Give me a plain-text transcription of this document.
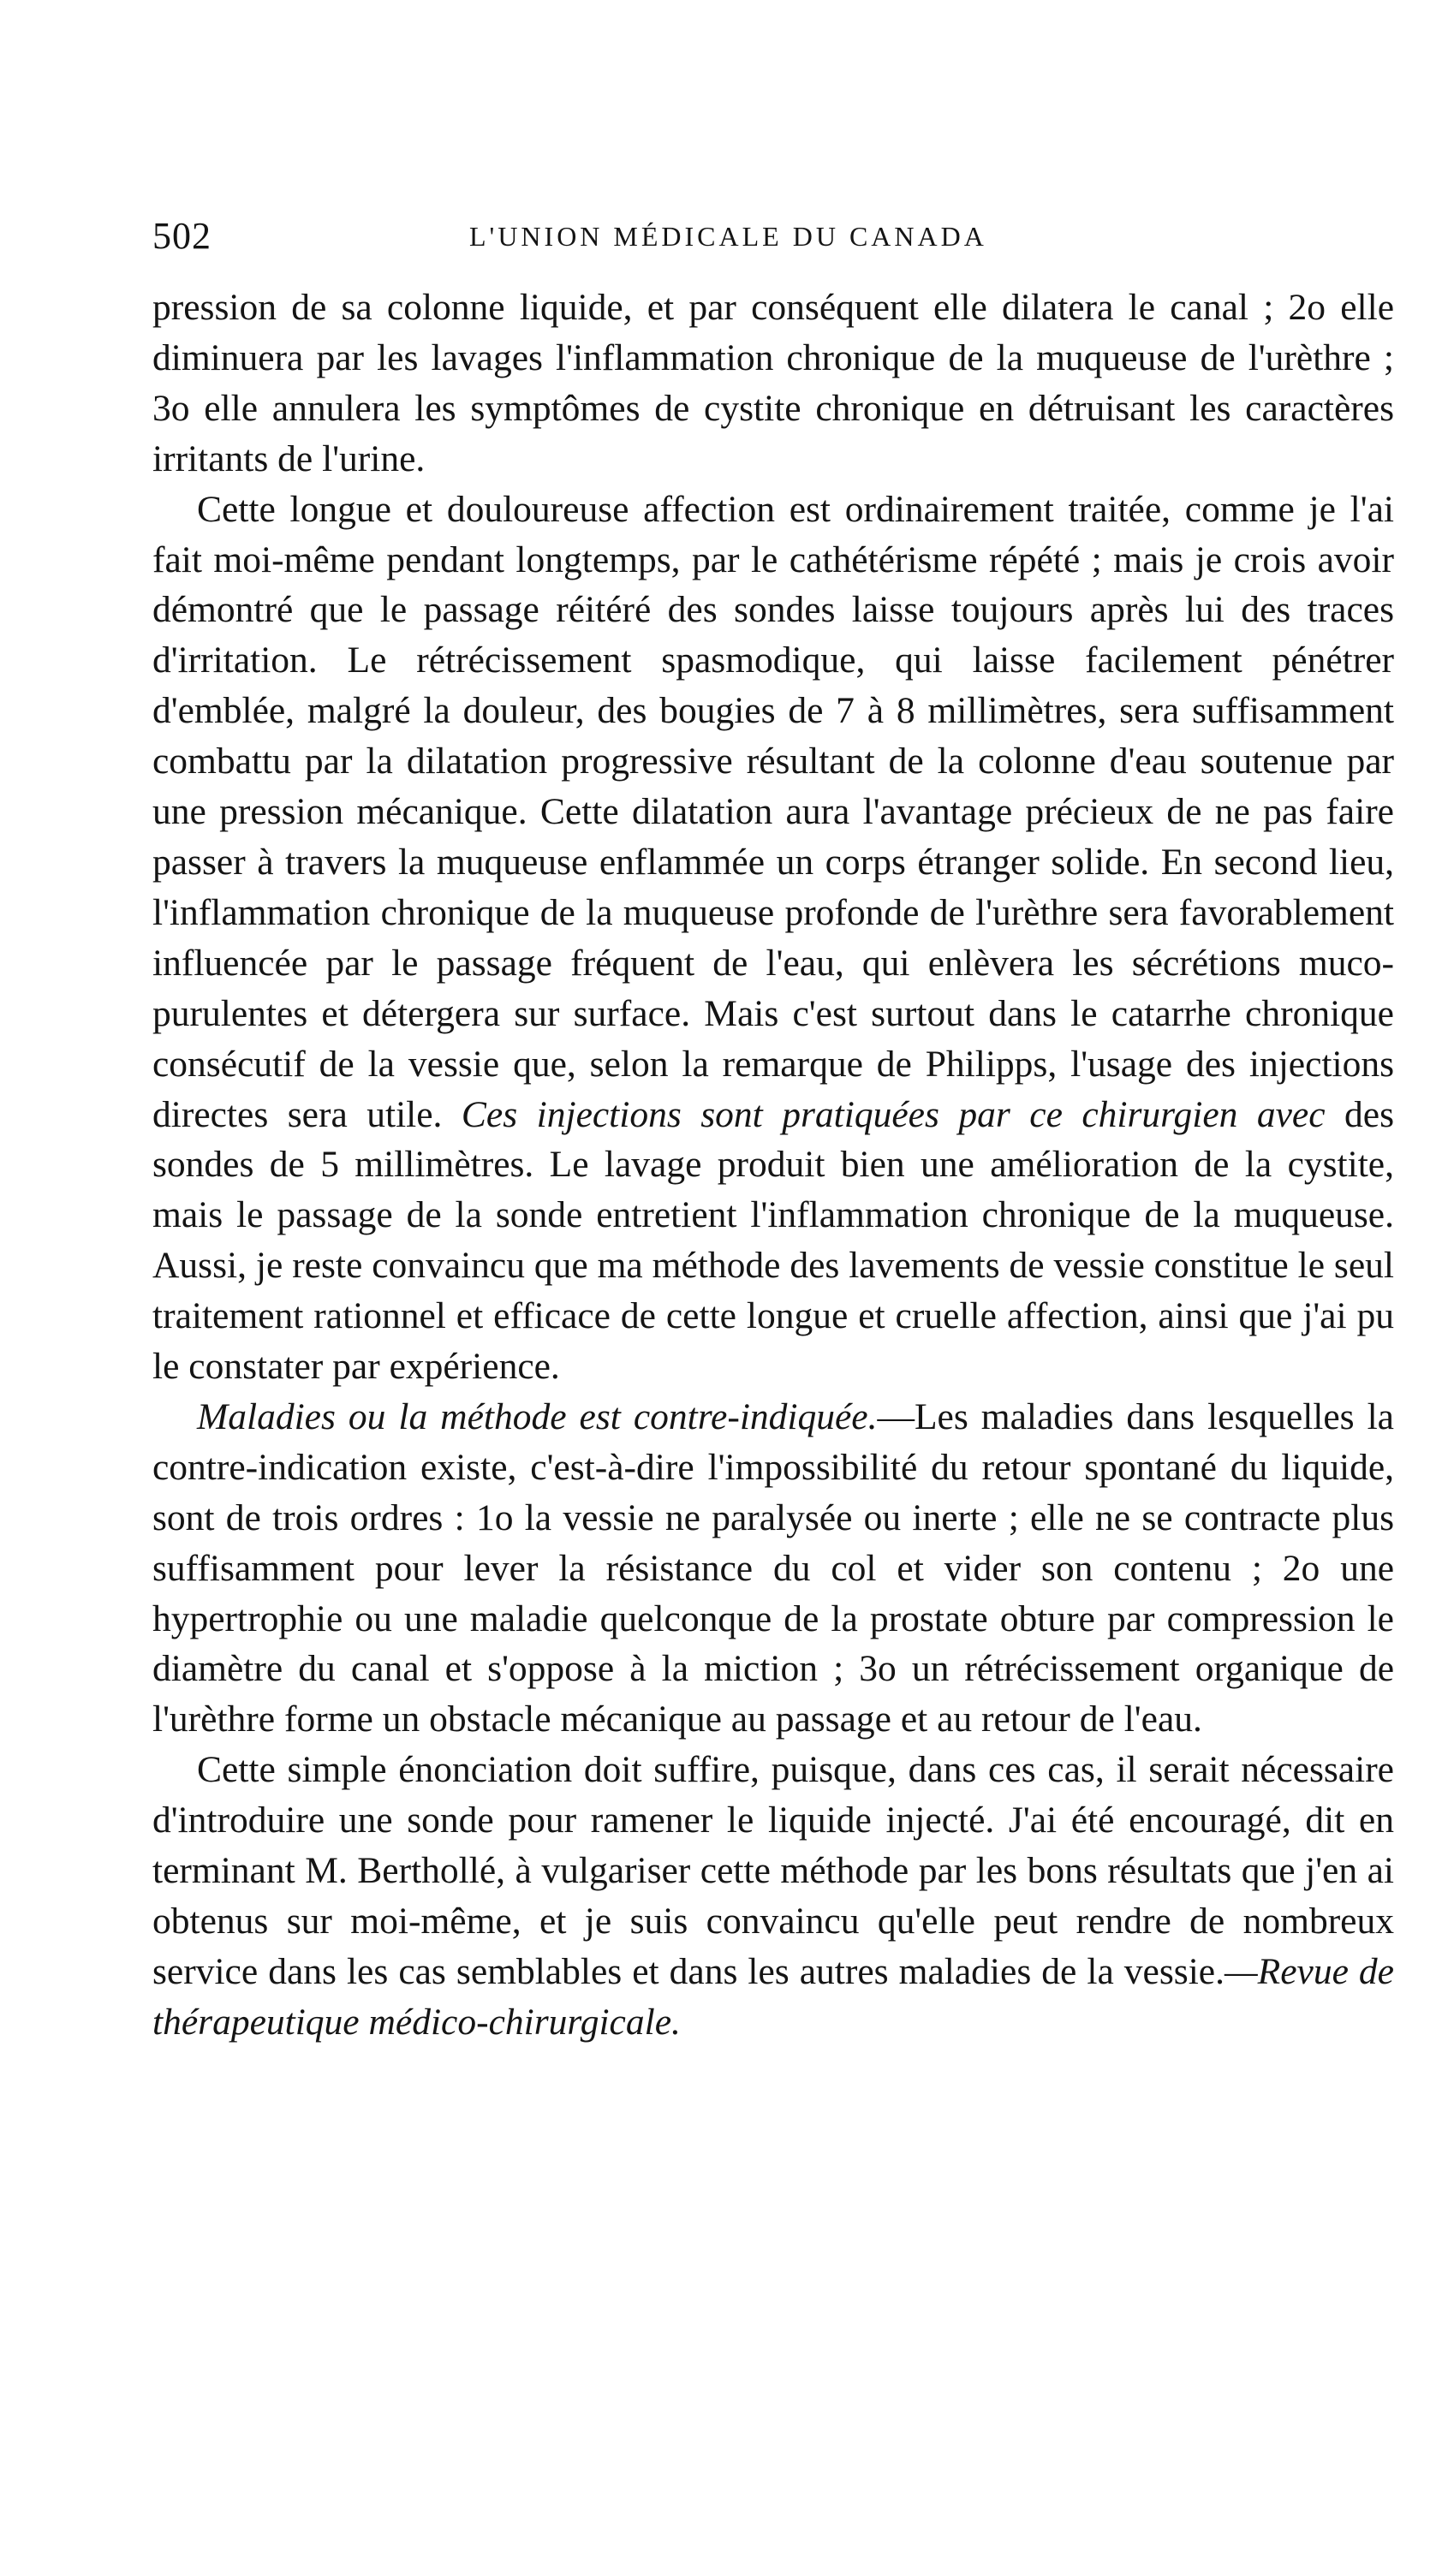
502	L'UNION MÉDICALE DU CANADA

pression de sa colonne liquide, et par conséquent elle dilatera le canal ; 2o elle diminuera par les lavages l'inflammation chronique de la muqueuse de l'urèthre ; 3o elle annulera les symptômes de cystite chronique en détruisant les caractères irritants de l'urine.

Cette longue et douloureuse affection est ordinairement traitée, comme je l'ai fait moi-même pendant longtemps, par le cathétérisme répété ; mais je crois avoir démontré que le passage réitéré des sondes laisse toujours après lui des traces d'irritation. Le rétrécissement spasmodique, qui laisse facilement pénétrer d'emblée, malgré la douleur, des bougies de 7 à 8 millimètres, sera suffisamment combattu par la dilatation progressive résultant de la colonne d'eau soutenue par une pression mécanique. Cette dilatation aura l'avantage précieux de ne pas faire passer à travers la muqueuse enflammée un corps étranger solide. En second lieu, l'inflammation chronique de la muqueuse profonde de l'urèthre sera favorablement influencée par le passage fréquent de l'eau, qui enlèvera les sécrétions muco-purulentes et détergera sur surface. Mais c'est surtout dans le catarrhe chronique consécutif de la vessie que, selon la remarque de Philipps, l'usage des injections directes sera utile. Ces injections sont pratiquées par ce chirurgien avec des sondes de 5 millimètres. Le lavage produit bien une amélioration de la cystite, mais le passage de la sonde entretient l'inflammation chronique de la muqueuse. Aussi, je reste convaincu que ma méthode des lavements de vessie constitue le seul traitement rationnel et efficace de cette longue et cruelle affection, ainsi que j'ai pu le constater par expérience.

Maladies ou la méthode est contre-indiquée.—Les maladies dans lesquelles la contre-indication existe, c'est-à-dire l'impossibilité du retour spontané du liquide, sont de trois ordres : 1o la vessie ne paralysée ou inerte ; elle ne se contracte plus suffisamment pour lever la résistance du col et vider son contenu ; 2o une hypertrophie ou une maladie quelconque de la prostate obture par compression le diamètre du canal et s'oppose à la miction ; 3o un rétrécissement organique de l'urèthre forme un obstacle mécanique au passage et au retour de l'eau.

Cette simple énonciation doit suffire, puisque, dans ces cas, il serait nécessaire d'introduire une sonde pour ramener le liquide injecté. J'ai été encouragé, dit en terminant M. Berthollé, à vulgariser cette méthode par les bons résultats que j'en ai obtenus sur moi-même, et je suis convaincu qu'elle peut rendre de nombreux service dans les cas semblables et dans les autres maladies de la vessie.—Revue de thérapeutique médico-chirurgicale.
